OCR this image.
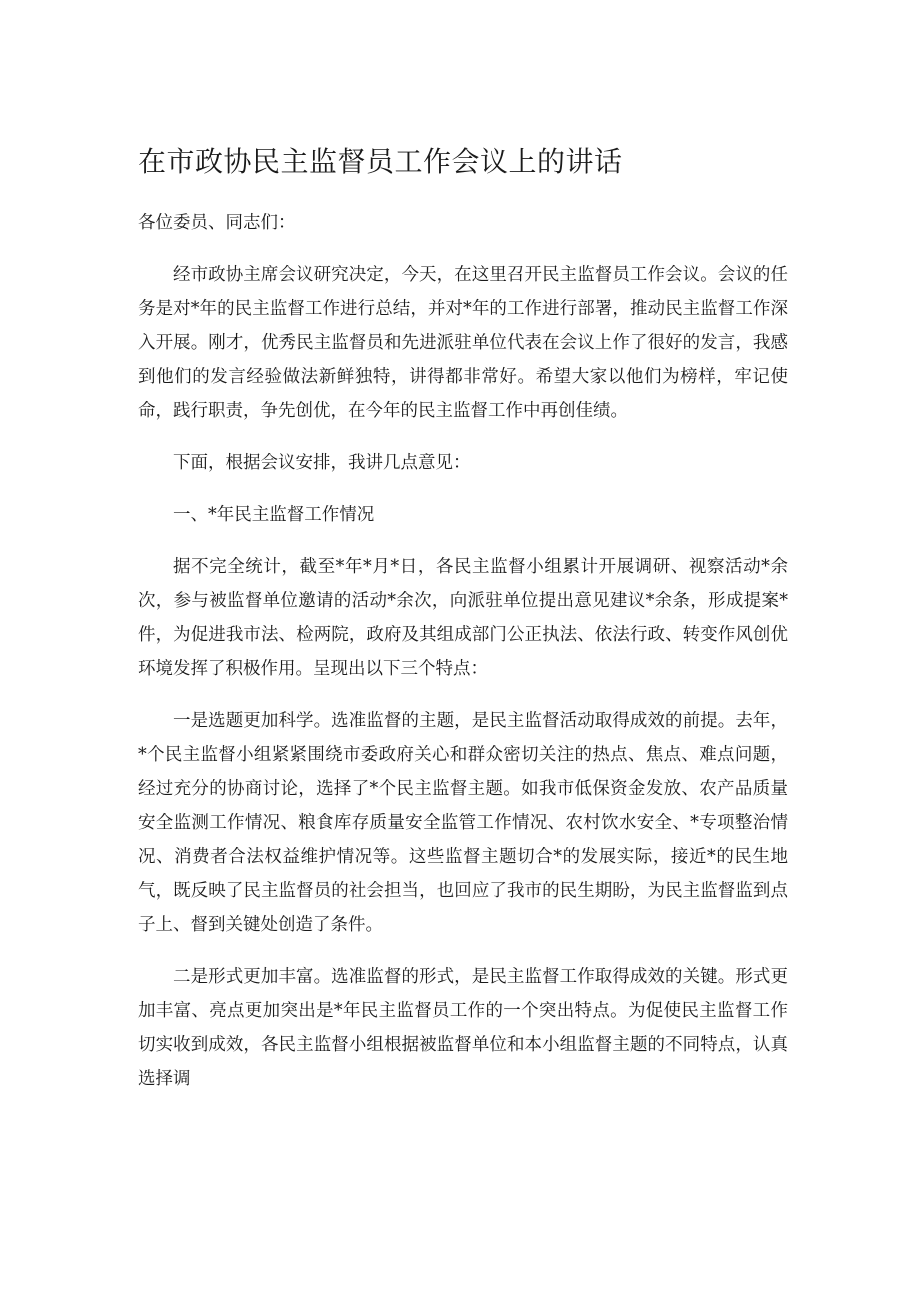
在市政协民主监督员工作会议上的讲话

各位委员、同志们：

经市政协主席会议研究决定，今天，在这里召开民主监督员工作会议。会议的任务是对*年的民主监督工作进行总结，并对*年的工作进行部署，推动民主监督工作深入开展。刚才，优秀民主监督员和先进派驻单位代表在会议上作了很好的发言，我感到他们的发言经验做法新鲜独特，讲得都非常好。希望大家以他们为榜样，牢记使命，践行职责，争先创优，在今年的民主监督工作中再创佳绩。

下面，根据会议安排，我讲几点意见：

一、*年民主监督工作情况

据不完全统计，截至*年*月*日，各民主监督小组累计开展调研、视察活动*余次，参与被监督单位邀请的活动*余次，向派驻单位提出意见建议*余条，形成提案*件，为促进我市法、检两院，政府及其组成部门公正执法、依法行政、转变作风创优环境发挥了积极作用。呈现出以下三个特点：

一是选题更加科学。选准监督的主题，是民主监督活动取得成效的前提。去年，*个民主监督小组紧紧围绕市委政府关心和群众密切关注的热点、焦点、难点问题，经过充分的协商讨论，选择了*个民主监督主题。如我市低保资金发放、农产品质量安全监测工作情况、粮食库存质量安全监管工作情况、农村饮水安全、*专项整治情况、消费者合法权益维护情况等。这些监督主题切合*的发展实际，接近*的民生地气，既反映了民主监督员的社会担当，也回应了我市的民生期盼，为民主监督监到点子上、督到关键处创造了条件。

二是形式更加丰富。选准监督的形式，是民主监督工作取得成效的关键。形式更加丰富、亮点更加突出是*年民主监督员工作的一个突出特点。为促使民主监督工作切实收到成效，各民主监督小组根据被监督单位和本小组监督主题的不同特点，认真选择调
